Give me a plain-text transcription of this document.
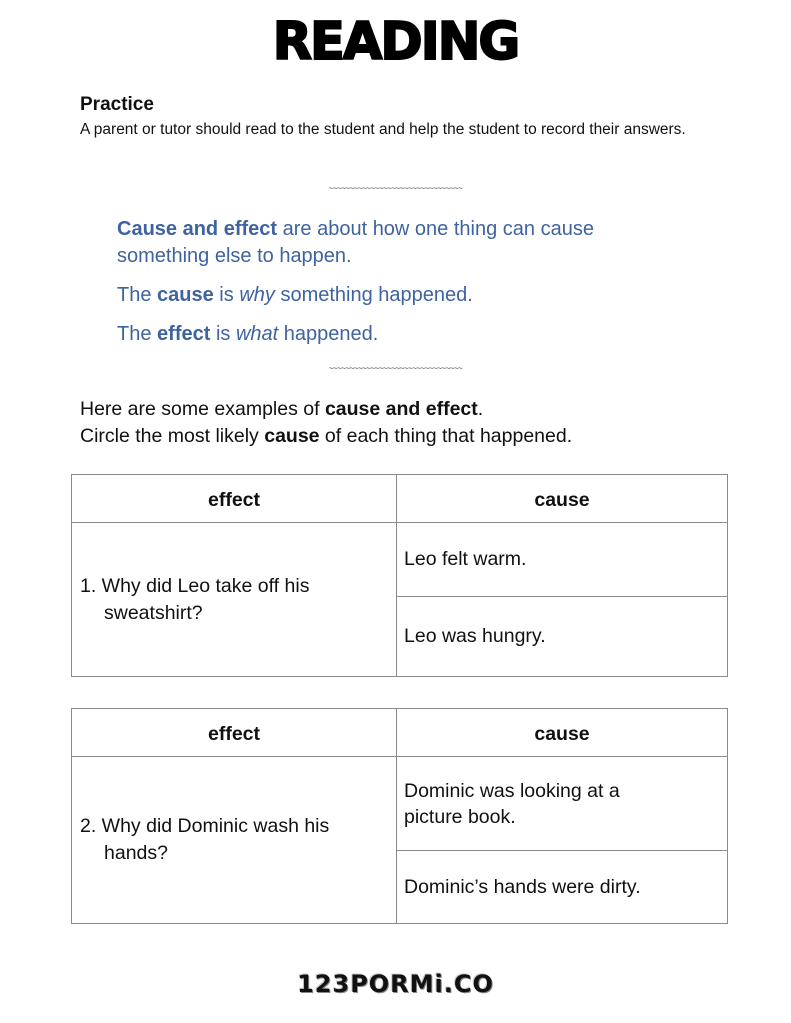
READING
Practice
A parent or tutor should read to the student and help the student to record their answers.
~~~~~~~~~~~~~~~~~~~~~~~~~~~~~~~~
Cause and effect are about how one thing can cause something else to happen.
The cause is why something happened.
The effect is what happened.
~~~~~~~~~~~~~~~~~~~~~~~~~~~~~~~~
Here are some examples of cause and effect.
Circle the most likely cause of each thing that happened.
effect	cause

1. Why did Leo take off his sweatshirt?	Leo felt warm.
	Leo was hungry.
effect	cause

2. Why did Dominic wash his hands?	Dominic was looking at a picture book.
	Dominic’s hands were dirty.
123PORMi.CO
